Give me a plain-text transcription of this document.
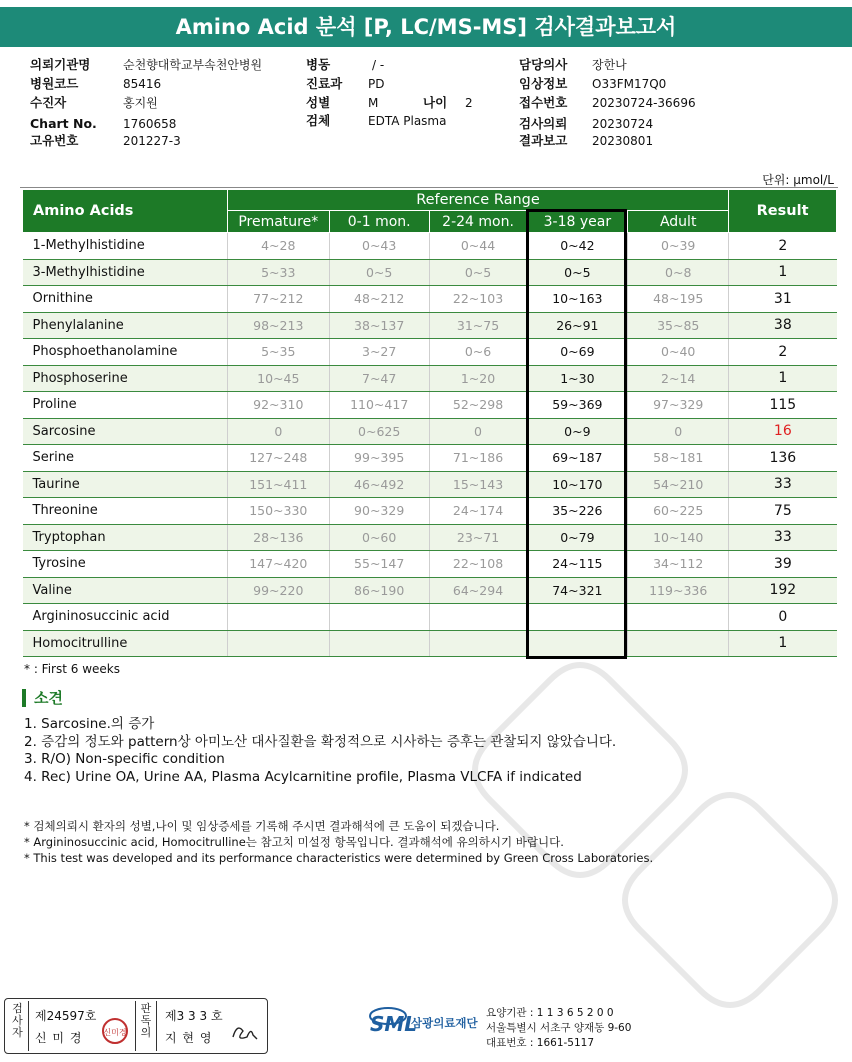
Amino Acid 분석 [P, LC/MS-MS] 검사결과보고서
의뢰기관명	순천향대학교부속천안병원
병원코드	85416
수진자	홍지원
Chart No. 1760658
고유번호	201227-3
병동	/ -
진료과 PD
성별	M	나이 2
검체	EDTA Plasma
담당의사 장한나
임상정보 O33FM17Q0
접수번호 20230724-36696
검사의뢰 20230724
결과보고 20230801
단위: µmol/L
Amino Acids	Reference Range					Result
	Premature*	0-1 mon.	2-24 mon.	3-18 year	Adult	
1-Methylhistidine	4~28	0~43	0~44	0~42	0~39	2
3-Methylhistidine	5~33	0~5	0~5	0~5	0~8	1
Ornithine	77~212	48~212	22~103	10~163	48~195	31
Phenylalanine	98~213	38~137	31~75	26~91	35~85	38
Phosphoethanolamine	5~35	3~27	0~6	0~69	0~40	2
Phosphoserine	10~45	7~47	1~20	1~30	2~14	1
Proline	92~310	110~417	52~298	59~369	97~329	115
Sarcosine	0	0~625	0	0~9	0	16
Serine	127~248	99~395	71~186	69~187	58~181	136
Taurine	151~411	46~492	15~143	10~170	54~210	33
Threonine	150~330	90~329	24~174	35~226	60~225	75
Tryptophan	28~136	0~60	23~71	0~79	10~140	33
Tyrosine	147~420	55~147	22~108	24~115	34~112	39
Valine	99~220	86~190	64~294	74~321	119~336	192
Argininosuccinic acid						0
Homocitrulline						1
* : First 6 weeks
소견
1. Sarcosine.의 증가
2. 증감의 정도와 pattern상 아미노산 대사질환을 확정적으로 시사하는 증후는 관찰되지 않았습니다.
3. R/O) Non-specific condition
4. Rec) Urine OA, Urine AA, Plasma Acylcarnitine profile, Plasma VLCFA if indicated
* 검체의뢰시 환자의 성별,나이 및 임상증세를 기록해 주시면 결과해석에 큰 도움이 되겠습니다.
* Argininosuccinic acid, Homocitrulline는 참고치 미설정 항목입니다. 결과해석에 유의하시기 바랍니다.
* This test was developed and its performance characteristics were determined by Green Cross Laboratories.
검
사
자
제24597호
신 미 경	신미경
판
독
의
제3 3 3 호
지 현 영
SML
삼광의료재단
요양기관 : 1 1 3 6 5 2 0 0
서울특별시 서초구 양재동 9-60
대표번호 : 1661-5117
